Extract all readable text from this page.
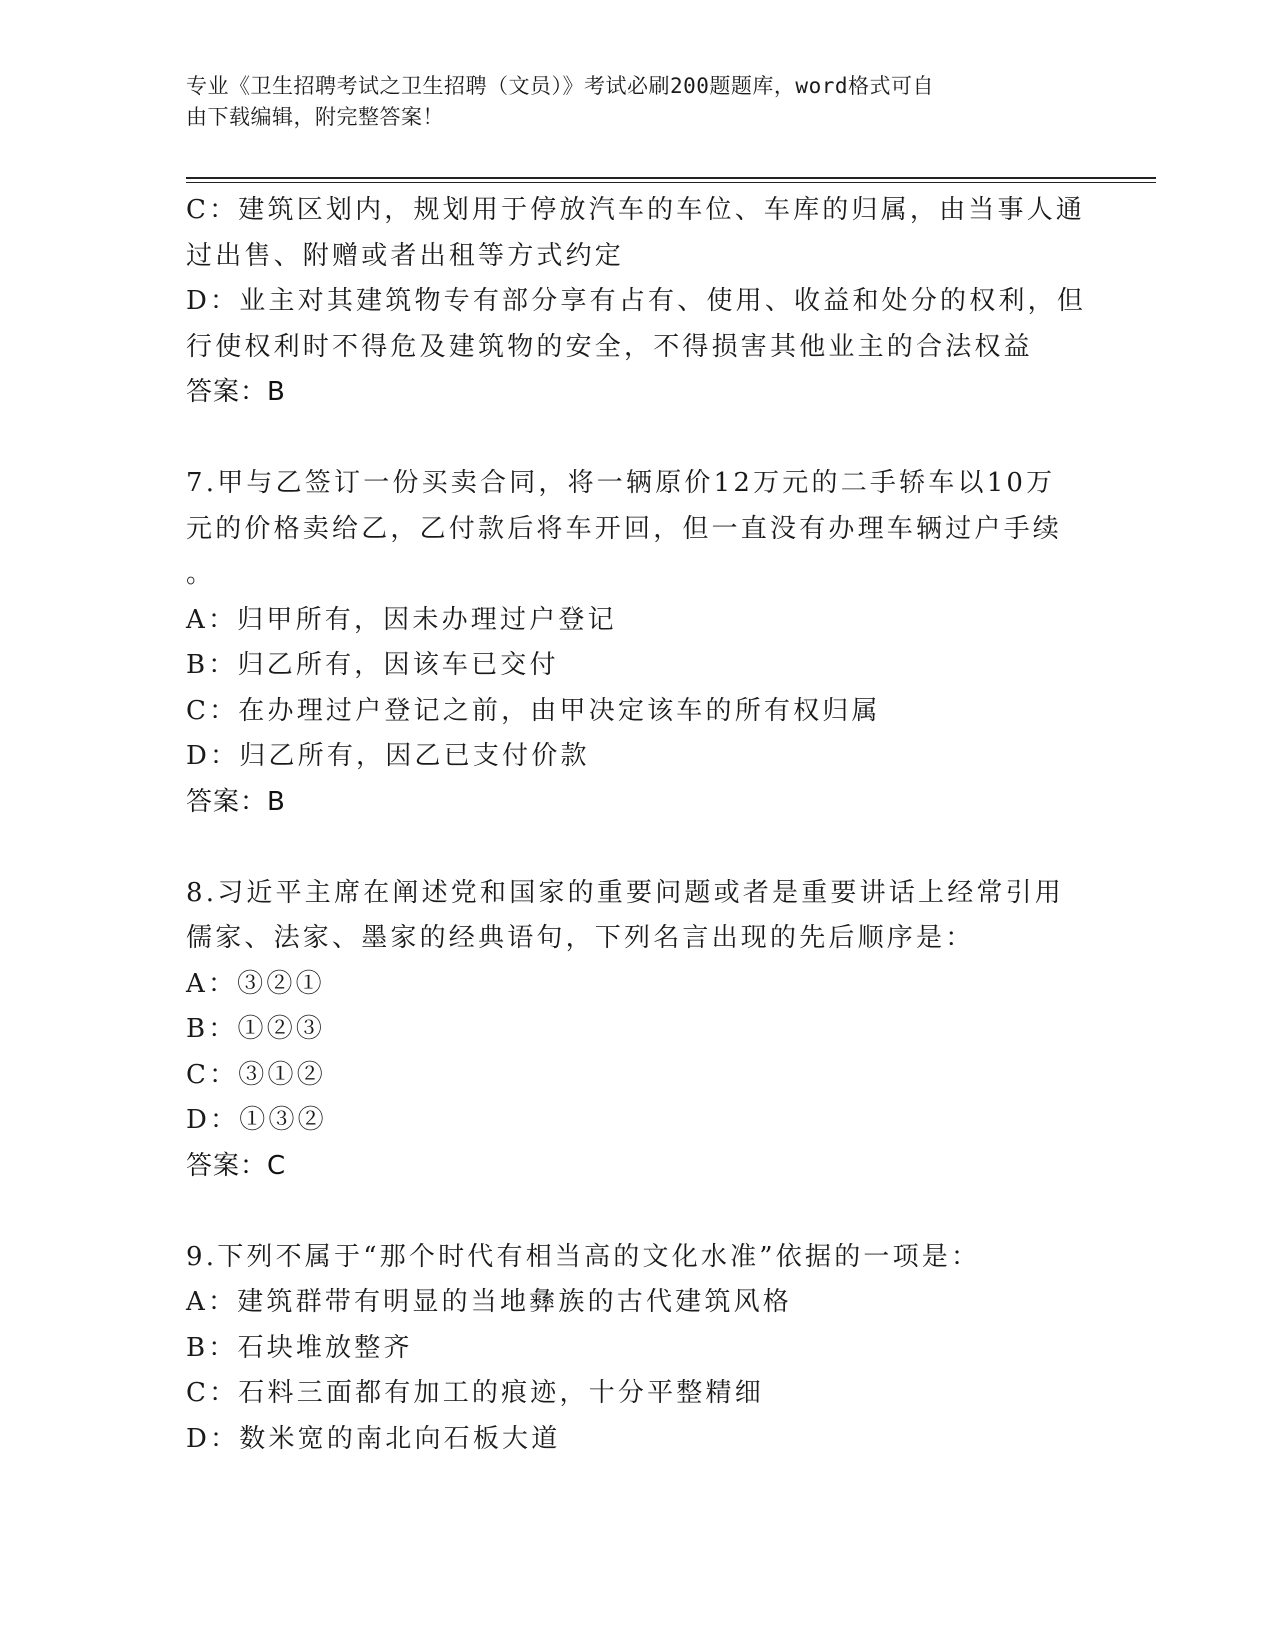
专业《卫生招聘考试之卫生招聘（文员）》考试必刷200题题库，word格式可自
由下载编辑，附完整答案！
C：建筑区划内，规划用于停放汽车的车位、车库的归属，由当事人通
过出售、附赠或者出租等方式约定
D：业主对其建筑物专有部分享有占有、使用、收益和处分的权利，但
行使权利时不得危及建筑物的安全，不得损害其他业主的合法权益
答案：B
7.甲与乙签订一份买卖合同，将一辆原价12万元的二手轿车以10万
元的价格卖给乙，乙付款后将车开回，但一直没有办理车辆过户手续
。
A：归甲所有，因未办理过户登记
B：归乙所有，因该车已交付
C：在办理过户登记之前，由甲决定该车的所有权归属
D：归乙所有，因乙已支付价款
答案：B
8.习近平主席在阐述党和国家的重要问题或者是重要讲话上经常引用
儒家、法家、墨家的经典语句，下列名言出现的先后顺序是：
A：③②①
B：①②③
C：③①②
D：①③②
答案：C
9.下列不属于“那个时代有相当高的文化水准”依据的一项是：
A：建筑群带有明显的当地彝族的古代建筑风格
B：石块堆放整齐
C：石料三面都有加工的痕迹，十分平整精细
D：数米宽的南北向石板大道
